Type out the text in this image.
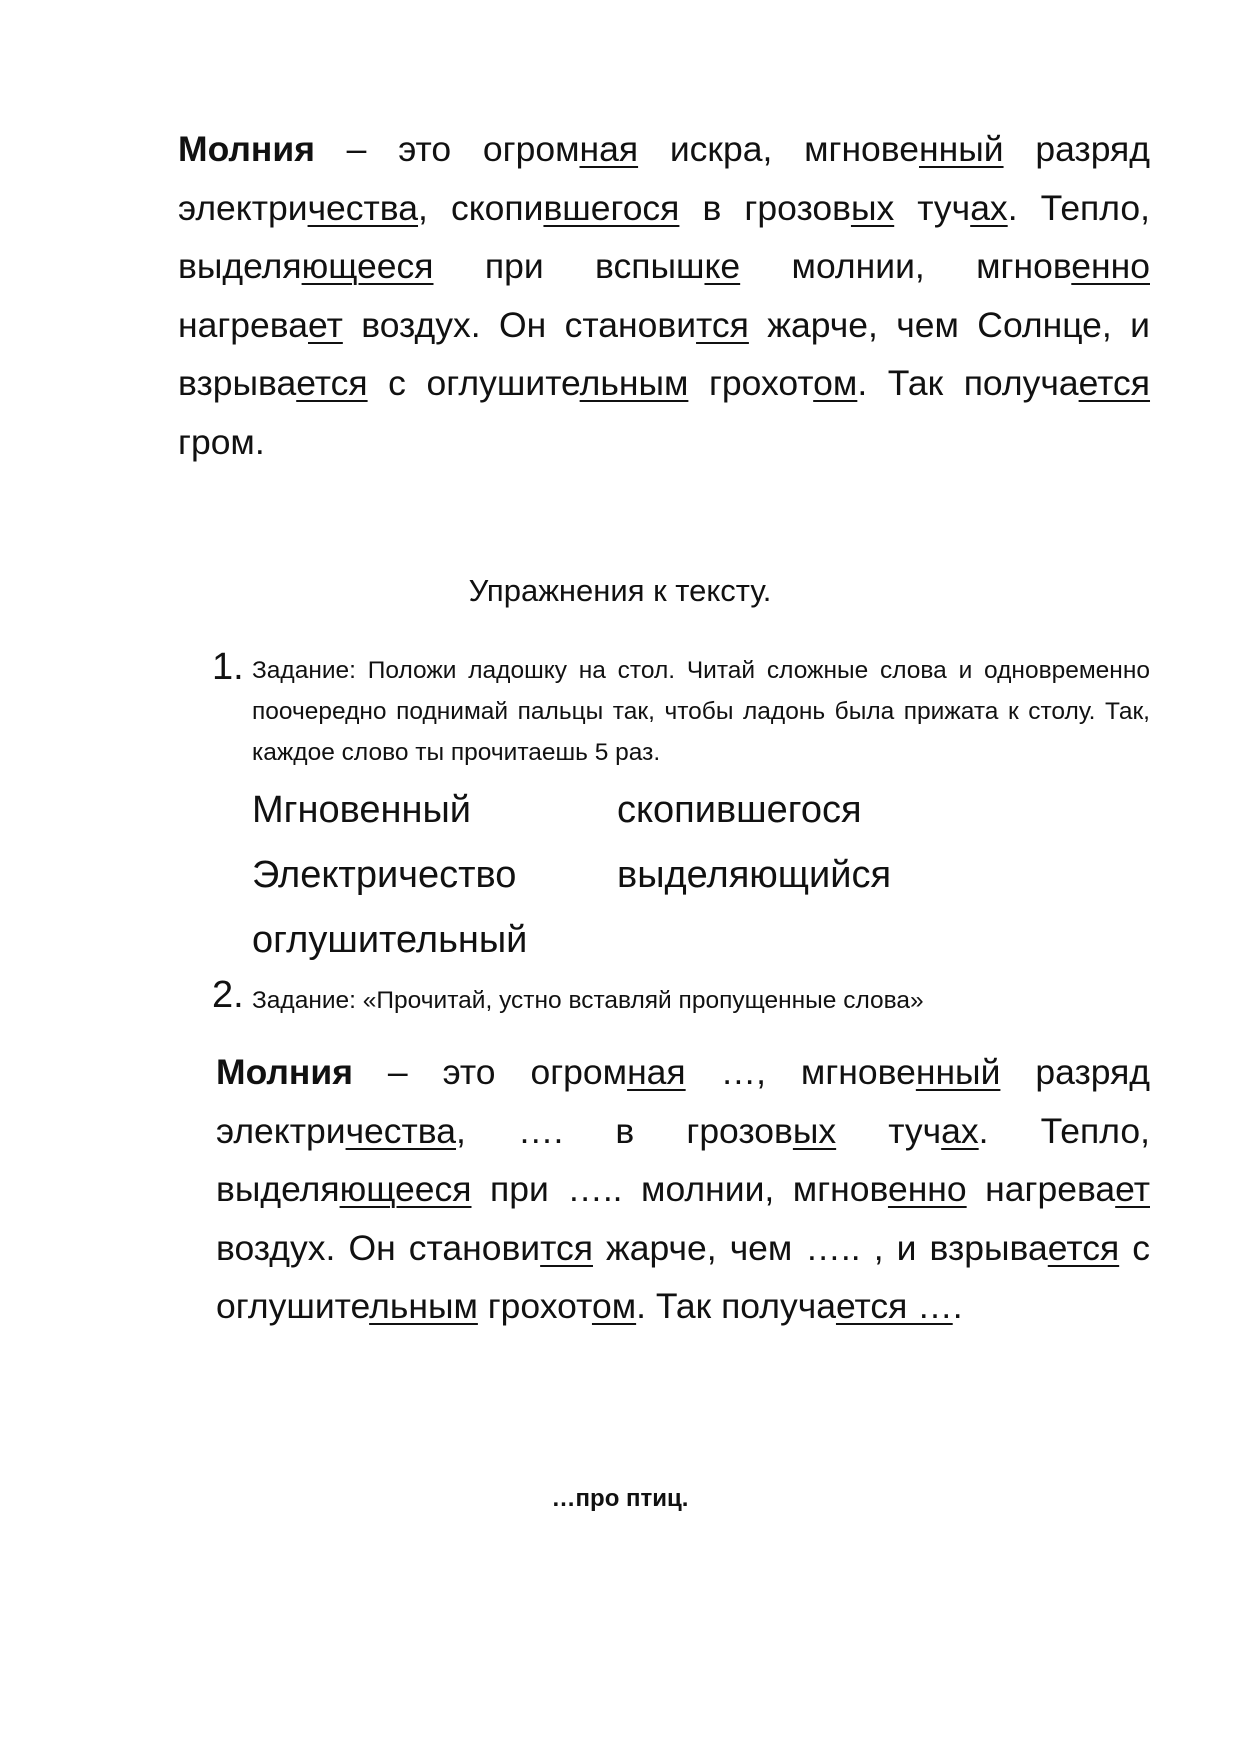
Молния – это огромная искра, мгновенный разряд электричества, скопившегося в грозовых тучах. Тепло, выделяющееся при вспышке молнии, мгновенно нагревает воздух. Он становится жарче, чем Солнце, и взрывается с оглушительным грохотом. Так получается гром.

Упражнения к тексту.

1. Задание: Положи ладошку на стол. Читай сложные слова и одновременно поочередно поднимай пальцы так, чтобы ладонь была прижата к столу. Так, каждое слово ты прочитаешь 5 раз.

Мгновенный	скопившегося
Электричество	выделяющийся
оглушительный
2. Задание: «Прочитай, устно вставляй пропущенные слова»

Молния – это огромная …, мгновенный разряд электричества, …. в грозовых тучах. Тепло, выделяющееся при ….. молнии, мгновенно нагревает воздух. Он становится жарче, чем ….. , и взрывается с оглушительным грохотом. Так получается ….

…про птиц.
